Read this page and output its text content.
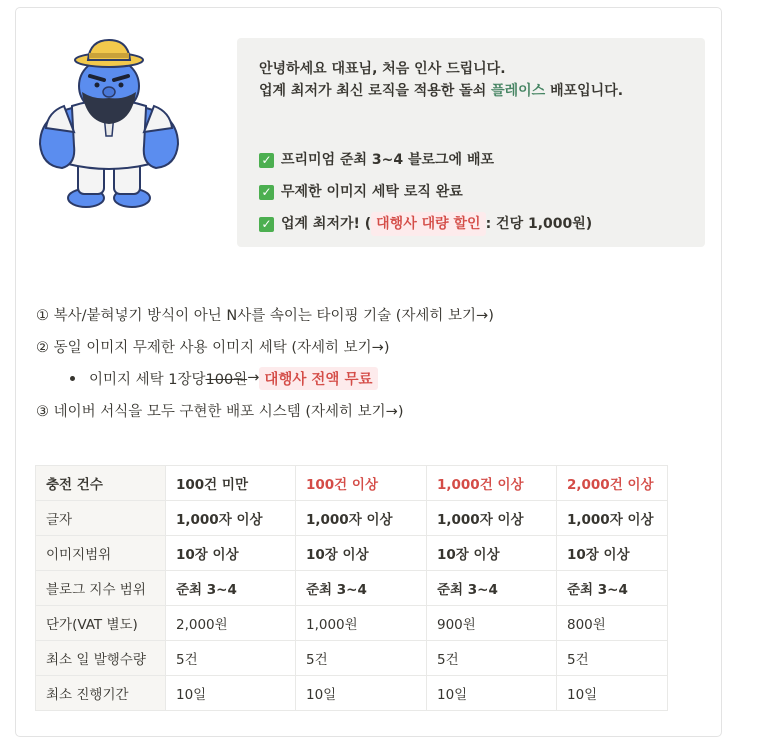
안녕하세요 대표님, 처음 인사 드립니다.
업계 최저가 최신 로직을 적용한 돌쇠 플레이스 배포입니다.
✓ 프리미엄 준최 3~4 블로그에 배포
✓ 무제한 이미지 세탁 로직 완료
✓ 업계 최저가! ( 대행사 대량 할인 : 건당 1,000원)
① 복사/붙혀넣기 방식이 아닌 N사를 속이는 타이핑 기술 (자세히 보기→)
② 동일 이미지 무제한 사용 이미지 세탁 (자세히 보기→)
이미지 세탁 1장당 100원 → 대행사 전액 무료
③ 네이버 서식을 모두 구현한 배포 시스템 (자세히 보기→)
충전 건수	100건 미만	100건 이상	1,000건 이상	2,000건 이상
글자	1,000자 이상	1,000자 이상	1,000자 이상	1,000자 이상
이미지범위	10장 이상	10장 이상	10장 이상	10장 이상
블로그 지수 범위	준최 3~4	준최 3~4	준최 3~4	준최 3~4
단가(VAT 별도)	2,000원	1,000원	900원	800원
최소 일 발행수량	5건	5건	5건	5건
최소 진행기간	10일	10일	10일	10일
